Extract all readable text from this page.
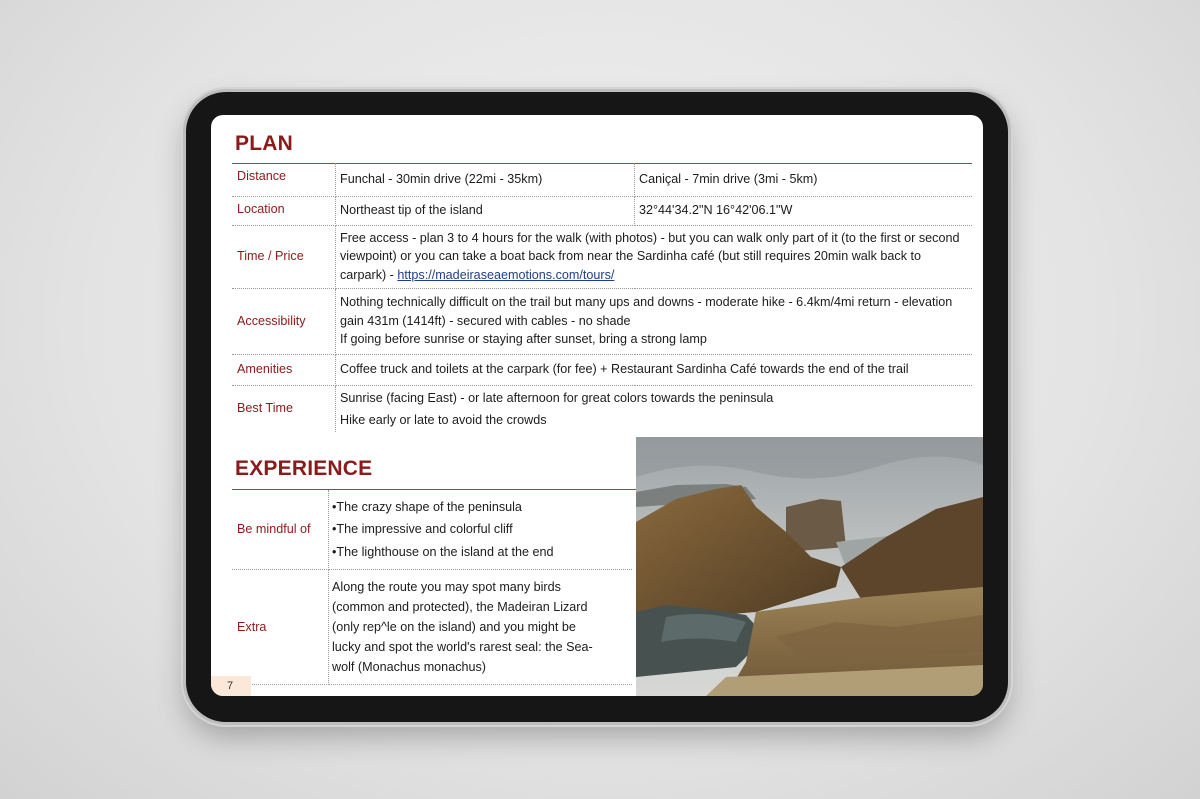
PLAN
Distance	Funchal - 30min drive (22mi - 35km)	Caniçal - 7min drive (3mi - 5km)
Location	Northeast tip of the island	32°44'34.2"N 16°42'06.1"W
Time / Price	Free access - plan 3 to 4 hours for the walk (with photos) - but you can walk only part of it (to the first or second viewpoint) or you can take a boat back from near the Sardinha café (but still requires 20min walk back to carpark) - https://madeiraseaemotions.com/tours/	
Accessibility	Nothing technically difficult on the trail but many ups and downs - moderate hike - 6.4km/4mi return - elevation gain 431m (1414ft) - secured with cables - no shade
If going before sunrise or staying after sunset, bring a strong lamp	

Amenities	Coffee truck and toilets at the carpark (for fee) + Restaurant Sardinha Café towards the end of the trail	
Best Time	Sunrise (facing East) - or late afternoon for great colors towards the peninsula
Hike early or late to avoid the crowds	
EXPERIENCE
Be mindful of	•The crazy shape of the peninsula
•The impressive and colorful cliff
•The lighthouse on the island at the end

Extra	Along the route you may spot many birds
(common and protected), the Madeiran Lizard
(only rep^le on the island) and you might be
lucky and spot the world's rarest seal: the Sea-
wolf (Monachus monachus)
7
